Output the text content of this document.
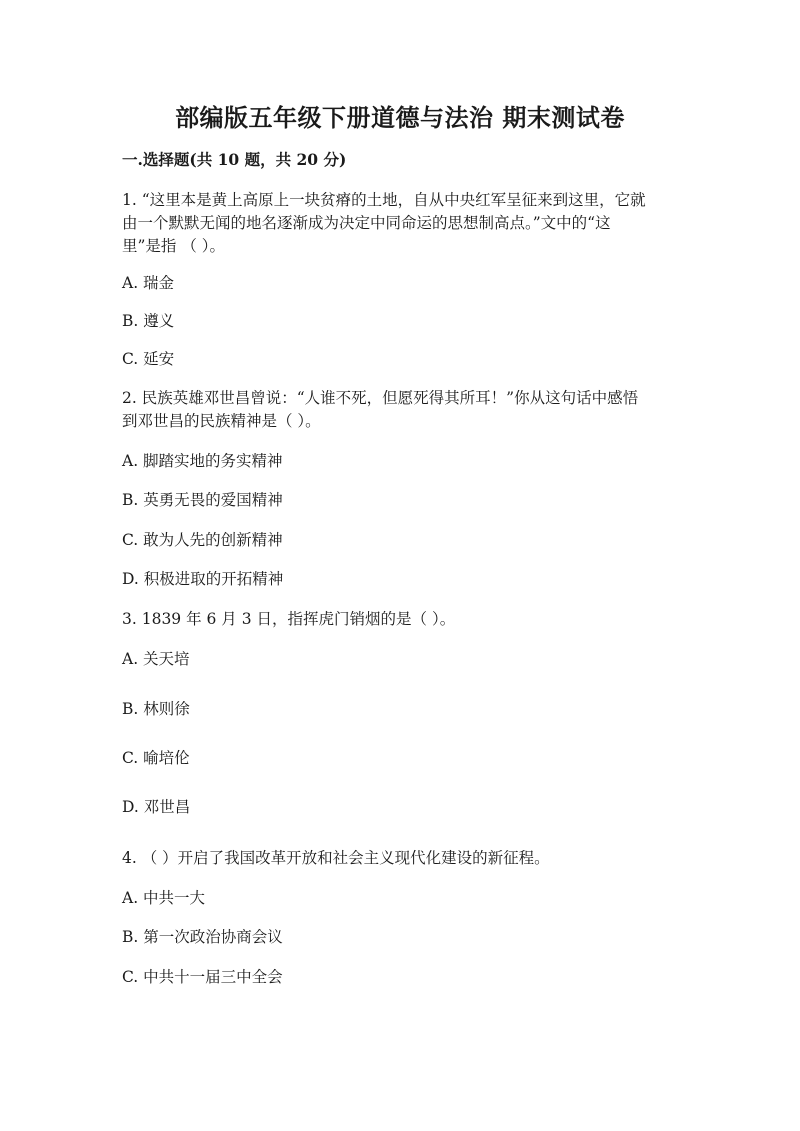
部编版五年级下册道德与法治 期末测试卷

一.选择题(共 10 题，共 20 分)

1. “这里本是黄上高原上一块贫瘠的土地，自从中央红军呈征来到这里，它就

由一个默默无闻的地名逐渐成为决定中同命运的思想制高点。”文中的“这

里”是指 （ ）。

A. 瑞金

B. 遵义

C. 延安

2. 民族英雄邓世昌曾说：“人谁不死，但愿死得其所耳！”你从这句话中感悟

到邓世昌的民族精神是（ ）。

A. 脚踏实地的务实精神

B. 英勇无畏的爱国精神

C. 敢为人先的创新精神

D. 积极进取的开拓精神

3. 1839 年 6 月 3 日，指挥虎门销烟的是（ ）。

A. 关天培

B. 林则徐

C. 喻培伦

D. 邓世昌

4. （ ）开启了我国改革开放和社会主义现代化建设的新征程。

A. 中共一大

B. 第一次政治协商会议

C. 中共十一届三中全会
